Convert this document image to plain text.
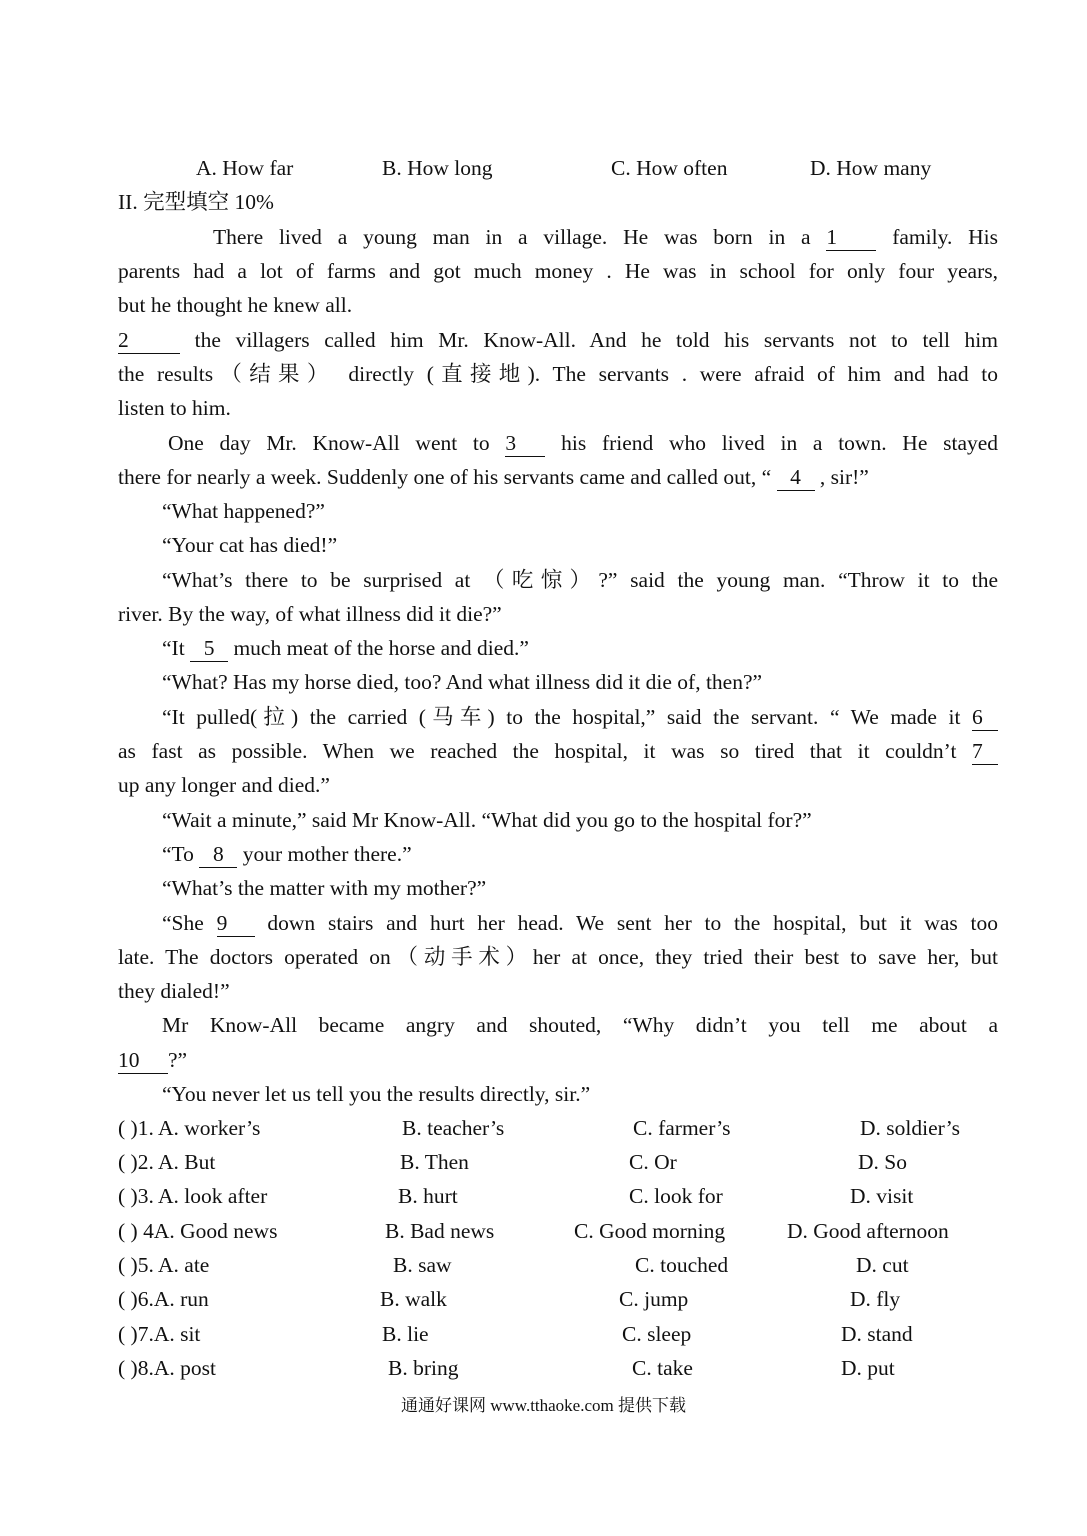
A. How far	B. How long	C. How often	D. How many
II. 完型填空 10%
There lived a young man in a village. He was born in a 1	family. His
parents had a lot of farms and got much money . He was in school for only four years,
but he thought he knew all.
2	the villagers called him Mr. Know-All. And he told his servants not to tell him
the results（结果） directly (直接地). The servants . were afraid of him and had to
listen to him.
One day Mr. Know-All went to 3 his friend who lived in a town. He stayed
there for nearly a week. Suddenly one of his servants came and called out, “ 4 , sir!”
“What happened?”
“Your cat has died!”
“What’s there to be surprised at （吃惊）?” said the young man. “Throw it to the
river. By the way, of what illness did it die?”
“It 5 much meat of the horse and died.”
“What? Has my horse died, too? And what illness did it die of, then?”
“It pulled(拉) the carried (马车) to the hospital,” said the servant. “ We made it 6
as fast as possible. When we reached the hospital, it was so tired that it couldn’t 7
up any longer and died.”
“Wait a minute,” said Mr Know-All. “What did you go to the hospital for?”
“To 8 your mother there.”
“What’s the matter with my mother?”
“She 9 down stairs and hurt her head. We sent her to the hospital, but it was too
late. The doctors operated on（动手术）her at once, they tried their best to save her, but
they dialed!”
Mr Know-All became angry and shouted, “Why didn’t you tell me about a
10 ?”
“You never let us tell you the results directly, sir.”
( )1. A. worker’s	B. teacher’s	C. farmer’s	D. soldier’s
( )2. A. But	B. Then	C. Or	D. So
( )3. A. look after	B. hurt	C. look for	D. visit
( ) 4A. Good news	B. Bad news	C. Good morning	D. Good afternoon
( )5. A. ate	B. saw	C. touched	D. cut
( )6.A. run	B. walk	C. jump	D. fly
( )7.A. sit	B. lie	C. sleep	D. stand
( )8.A. post	B. bring	C. take	D. put
通通好课网 www.tthaoke.com 提供下载
